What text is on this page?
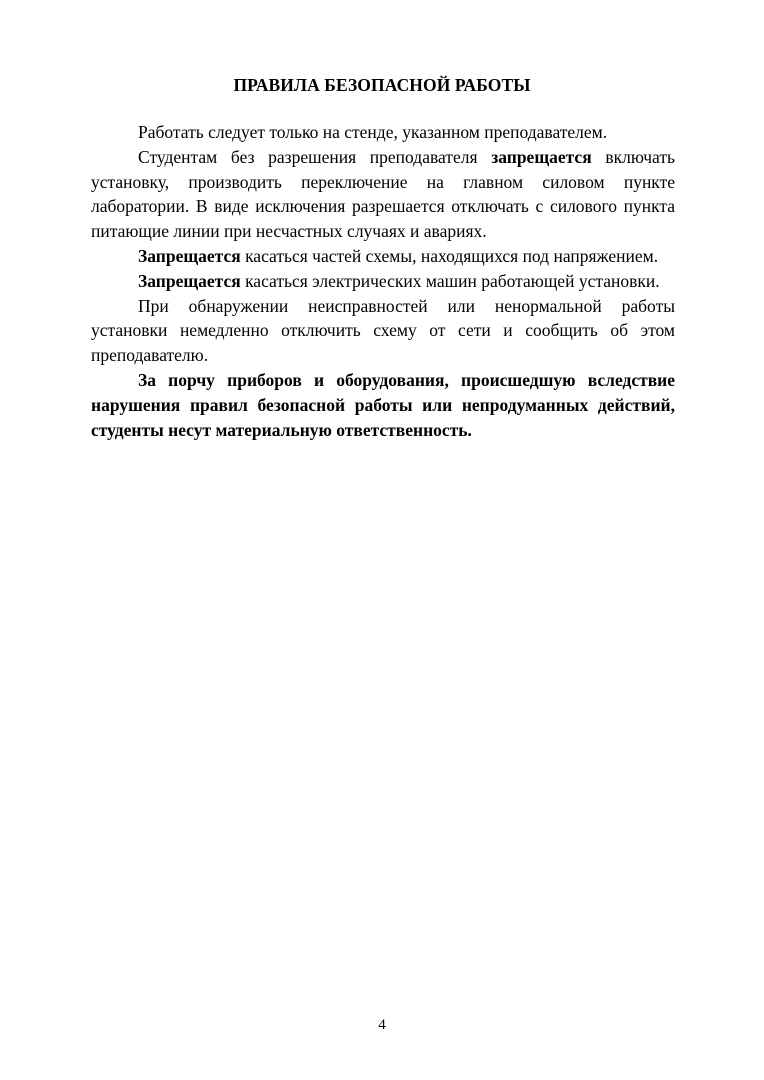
ПРАВИЛА БЕЗОПАСНОЙ РАБОТЫ

Работать следует только на стенде, указанном преподавателем.

Студентам без разрешения преподавателя запрещается включать установку, производить переключение на главном силовом пункте лаборатории. В виде исключения разрешается отключать с силового пункта питающие линии при несчастных случаях и авариях.

Запрещается касаться частей схемы, находящихся под напряжением.

Запрещается касаться электрических машин работающей установки.

При обнаружении неисправностей или ненормальной работы установки немедленно отключить схему от сети и сообщить об этом преподавателю.

За порчу приборов и оборудования, происшедшую вследствие нарушения правил безопасной работы или непродуманных действий, студенты несут материальную ответственность.

4
